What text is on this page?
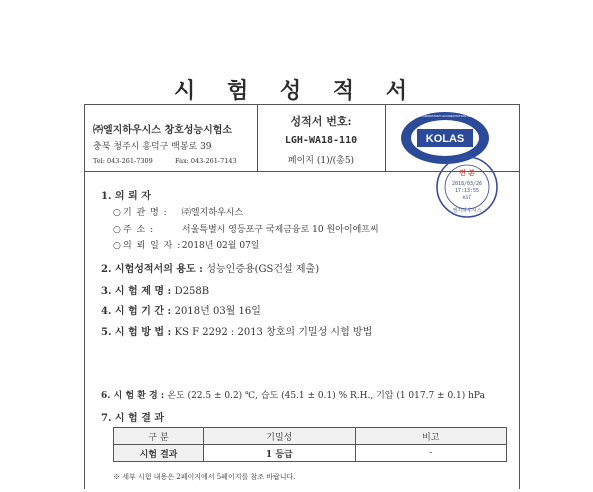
시 험 성 적 서
㈜엘지하우시스 창호성능시험소
충북 청주시 흥덕구 백봉로 39
Tel: 043-261-7309	Fax: 043-261-7143
성적서 번호:
LGH-WA18-110
페이지 (1)/(총5)
KOLAS
KOREA LABORATORY ACCREDITATION SCHEME
진 본
2018/03/26
17:13:55
KST
엘지하우시스
1. 의 뢰 자
○ 기 관 명 : ㈜엘지하우시스
○ 주 소 :	서울특별시 영등포구 국제금융로 10 원아이에프씨
○ 의 뢰 일 자 : 2018년 02월 07일
2. 시험성적서의 용도 : 성능인증용(GS건설 제출)
3. 시 험 제 명 : D258B
4. 시 험 기 간 : 2018년 03월 16일
5. 시 험 방 법 : KS F 2292 : 2013 창호의 기밀성 시험 방법
6. 시 험 환 경 : 온도 (22.5 ± 0.2) ℃, 습도 (45.1 ± 0.1) % R.H., 기압 (1 017.7 ± 0.1) hPa
7. 시 험 결 과
구 분	기밀성	비고
시험 결과	1 등급	-
※ 세부 시험 내용은 2페이지에서 5페이지를 참조 바랍니다.
